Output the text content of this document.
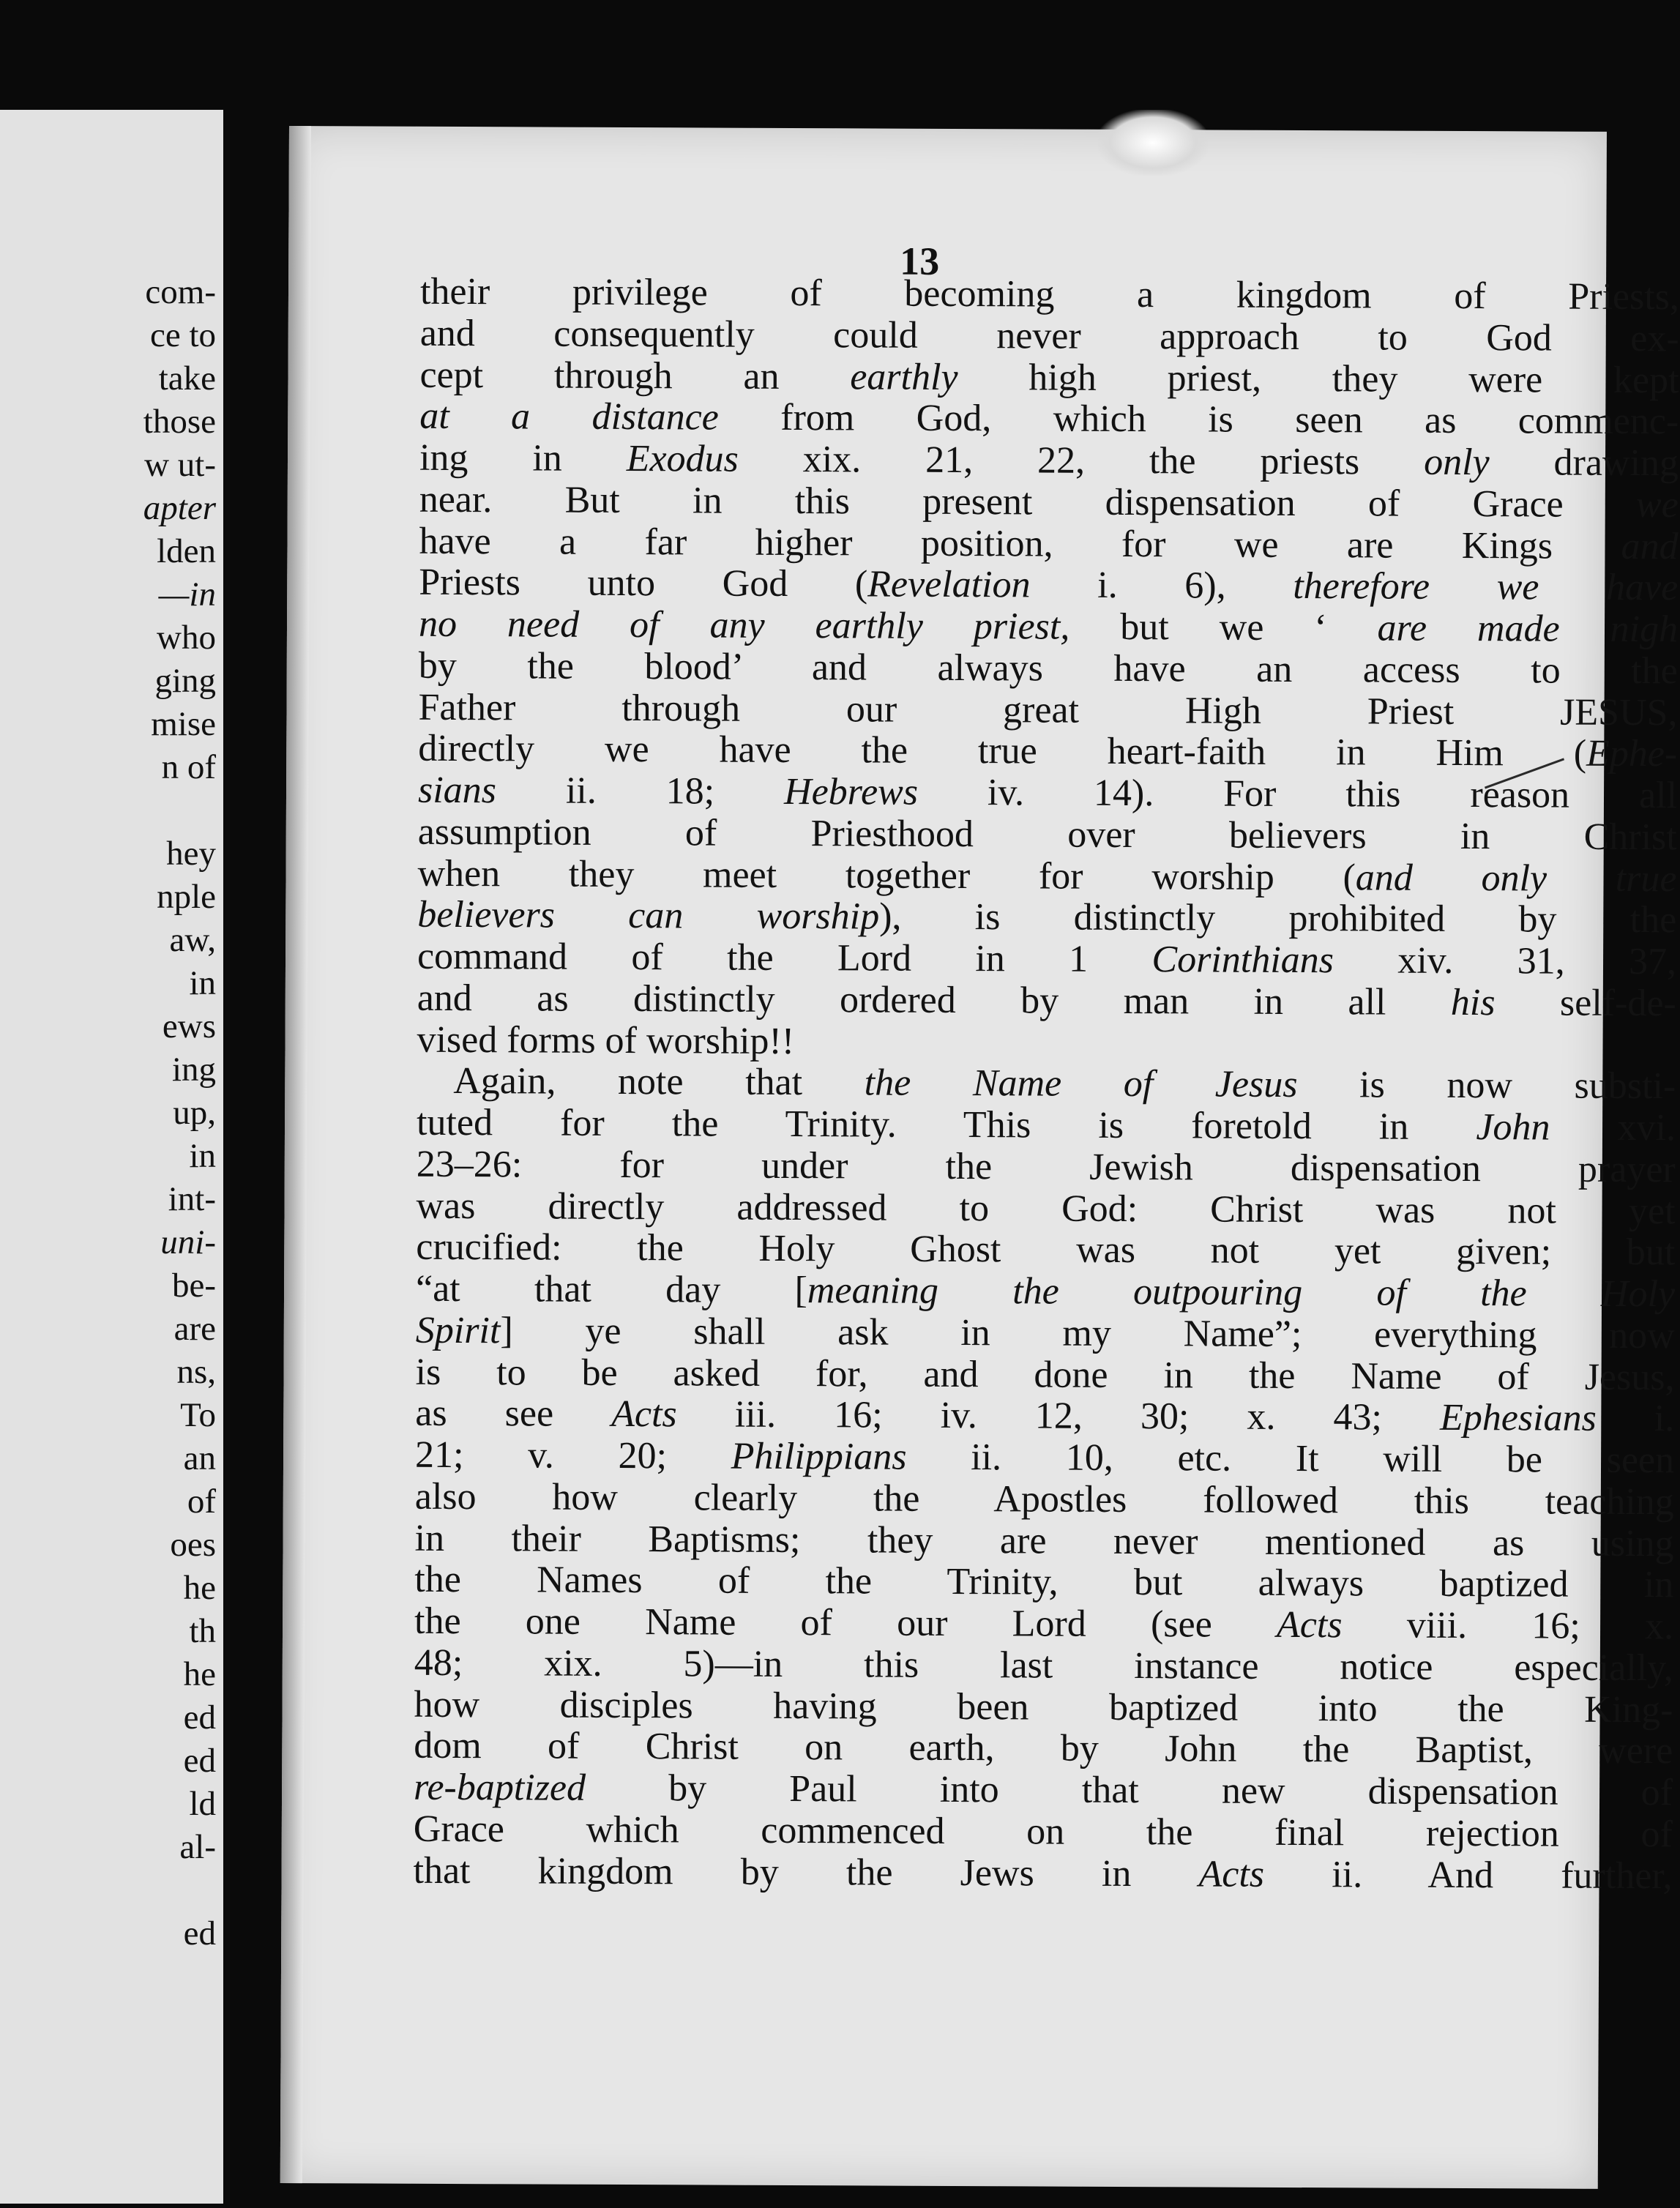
com-
ce to
take
those
w ut-
apter
lden
—in
who
ging
mise
n of
hey
nple
aw,
in
ews
ing
up,
in
int-
uni-
be-
are
ns,
To
an
of
oes
he
th
he
ed
ed
ld
al-
ed
13
their privilege of becoming a kingdom of Priests,
and consequently could never approach to God ex-
cept through an earthly high priest, they were kept
at a distance from God, which is seen as commenc-
ing in Exodus xix. 21, 22, the priests only drawing
near. But in this present dispensation of Grace we
have a far higher position, for we are Kings and
Priests unto God (Revelation i. 6), therefore we have
no need of any earthly priest, but we ‘ are made nigh
by the blood’ and always have an access to the
Father through our great High Priest JESUS,
directly we have the true heart-faith in Him (Ephe-
sians ii. 18; Hebrews iv. 14). For this reason all
assumption of Priesthood over believers in Christ
when they meet together for worship (and only true
believers can worship), is distinctly prohibited by the
command of the Lord in 1 Corinthians xiv. 31, 37,
and as distinctly ordered by man in all his self-de-
vised forms of worship!!
Again, note that the Name of Jesus is now substi-
tuted for the Trinity. This is foretold in John xvi.
23–26: for under the Jewish dispensation prayer
was directly addressed to God: Christ was not yet
crucified: the Holy Ghost was not yet given; but
“at that day [meaning the outpouring of the Holy
Spirit] ye shall ask in my Name”; everything now
is to be asked for, and done in the Name of Jesus,
as see Acts iii. 16; iv. 12, 30; x. 43; Ephesians i.
21; v. 20; Philippians ii. 10, etc. It will be seen
also how clearly the Apostles followed this teaching
in their Baptisms; they are never mentioned as using
the Names of the Trinity, but always baptized in
the one Name of our Lord (see Acts viii. 16; x.
48; xix. 5)—in this last instance notice especially,
how disciples having been baptized into the King-
dom of Christ on earth, by John the Baptist, were
re-baptized by Paul into that new dispensation of
Grace which commenced on the final rejection of
that kingdom by the Jews in Acts ii. And further,
